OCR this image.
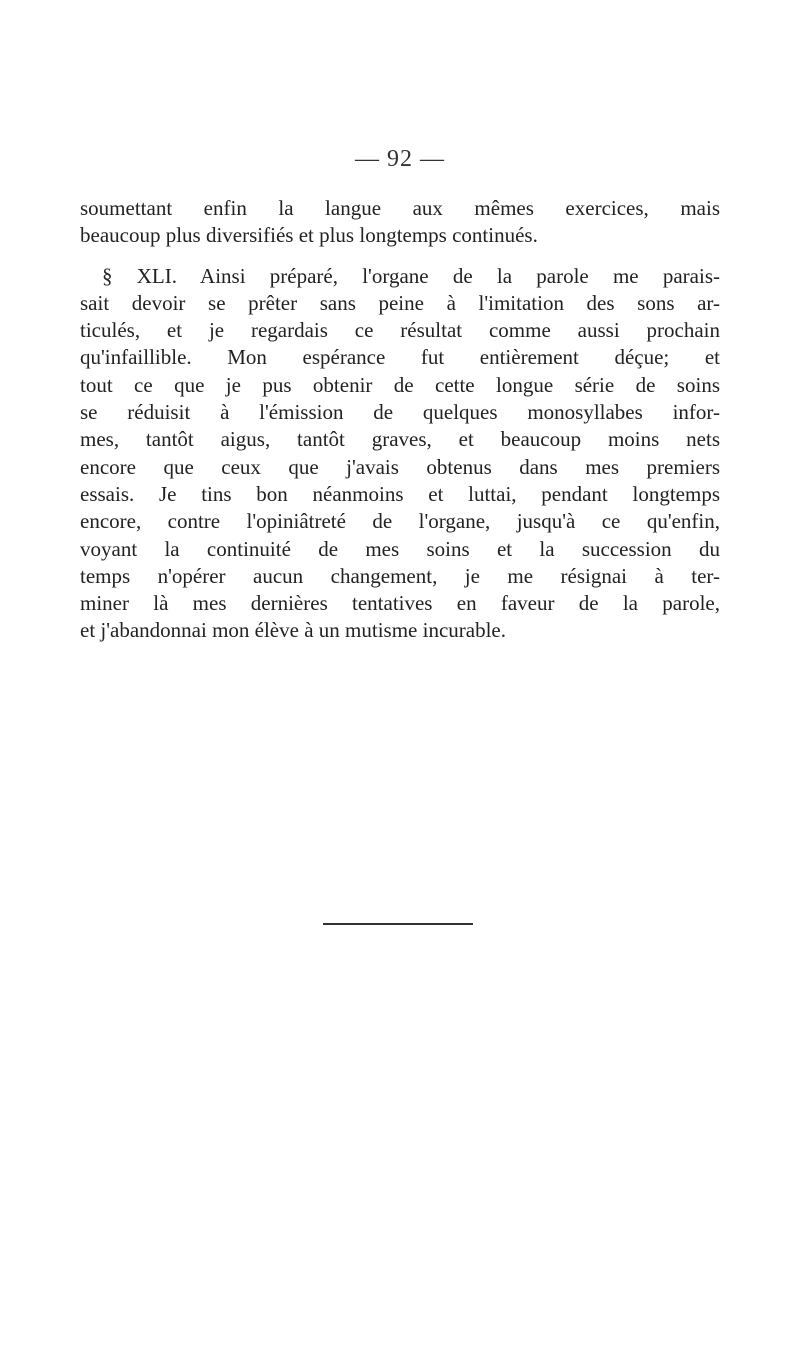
— 92 —
soumettant enfin la langue aux mêmes exercices, mais
beaucoup plus diversifiés et plus longtemps continués.
§ XLI. Ainsi préparé, l'organe de la parole me parais-
sait devoir se prêter sans peine à l'imitation des sons ar-
ticulés, et je regardais ce résultat comme aussi prochain
qu'infaillible. Mon espérance fut entièrement déçue; et
tout ce que je pus obtenir de cette longue série de soins
se réduisit à l'émission de quelques monosyllabes infor-
mes, tantôt aigus, tantôt graves, et beaucoup moins nets
encore que ceux que j'avais obtenus dans mes premiers
essais. Je tins bon néanmoins et luttai, pendant longtemps
encore, contre l'opiniâtreté de l'organe, jusqu'à ce qu'enfin,
voyant la continuité de mes soins et la succession du
temps n'opérer aucun changement, je me résignai à ter-
miner là mes dernières tentatives en faveur de la parole,
et j'abandonnai mon élève à un mutisme incurable.
